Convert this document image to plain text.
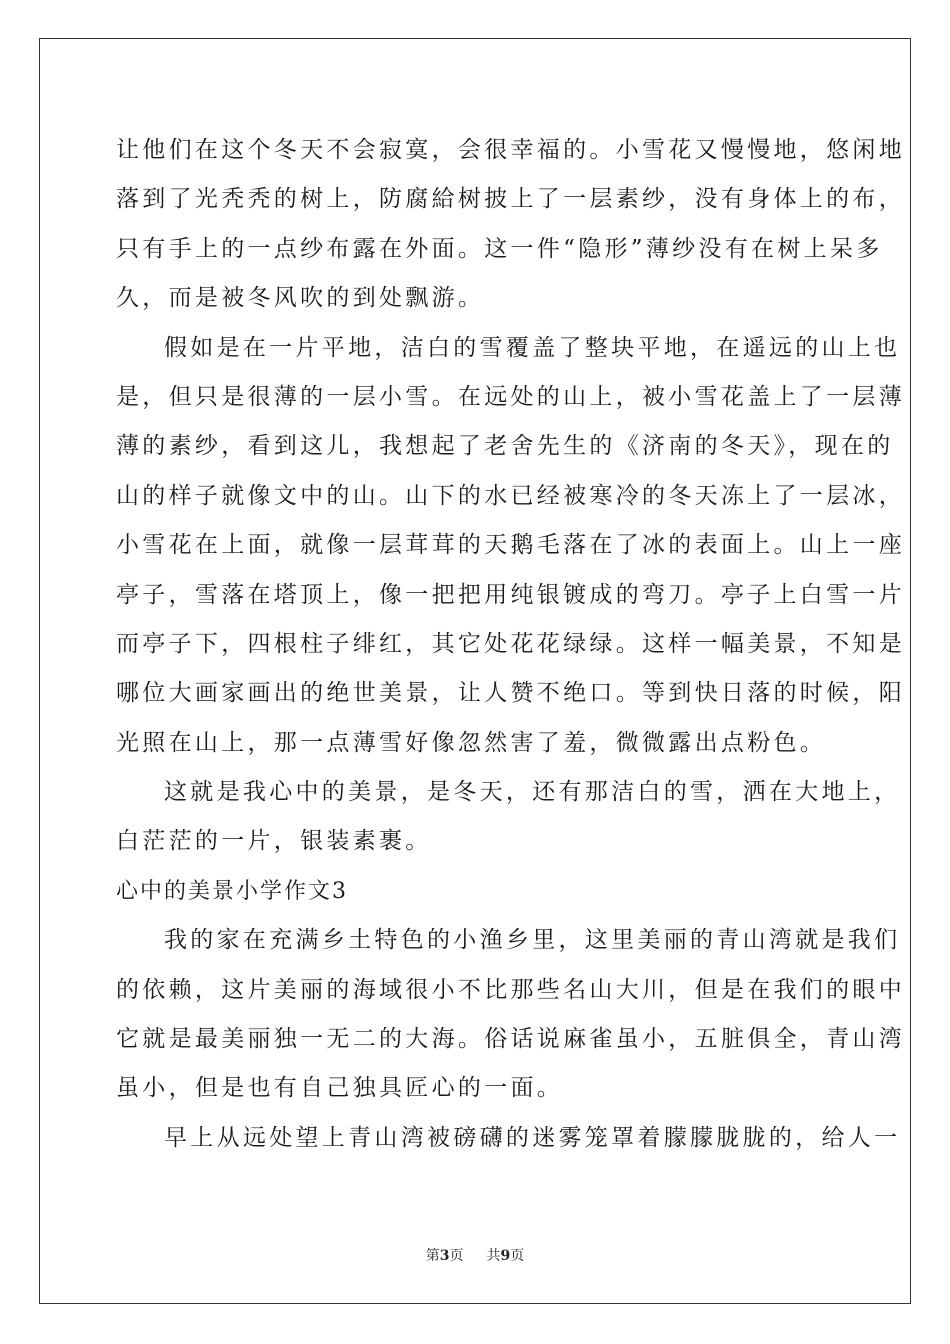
让他们在这个冬天不会寂寞，会很幸福的。小雪花又慢慢地，悠闲地
落到了光秃秃的树上，防腐給树披上了一层素纱，没有身体上的布，
只有手上的一点纱布露在外面。这一件“隐形”薄纱没有在树上呆多
久，而是被冬风吹的到处飘游。
假如是在一片平地，洁白的雪覆盖了整块平地，在遥远的山上也
是，但只是很薄的一层小雪。在远处的山上，被小雪花盖上了一层薄
薄的素纱，看到这儿，我想起了老舍先生的《济南的冬天》，现在的
山的样子就像文中的山。山下的水已经被寒冷的冬天冻上了一层冰，
小雪花在上面，就像一层茸茸的天鹅毛落在了冰的表面上。山上一座
亭子，雪落在塔顶上，像一把把用纯银镀成的弯刀。亭子上白雪一片
而亭子下，四根柱子绯红，其它处花花绿绿。这样一幅美景，不知是
哪位大画家画出的绝世美景，让人赞不绝口。等到快日落的时候，阳
光照在山上，那一点薄雪好像忽然害了羞，微微露出点粉色。
这就是我心中的美景，是冬天，还有那洁白的雪，洒在大地上，
白茫茫的一片，银装素裹。
心中的美景小学作文3
我的家在充满乡土特色的小渔乡里，这里美丽的青山湾就是我们
的依赖，这片美丽的海域很小不比那些名山大川，但是在我们的眼中
它就是最美丽独一无二的大海。俗话说麻雀虽小，五脏俱全，青山湾
虽小，但是也有自己独具匠心的一面。
早上从远处望上青山湾被磅礴的迷雾笼罩着朦朦胧胧的，给人一
第3页 共9页
